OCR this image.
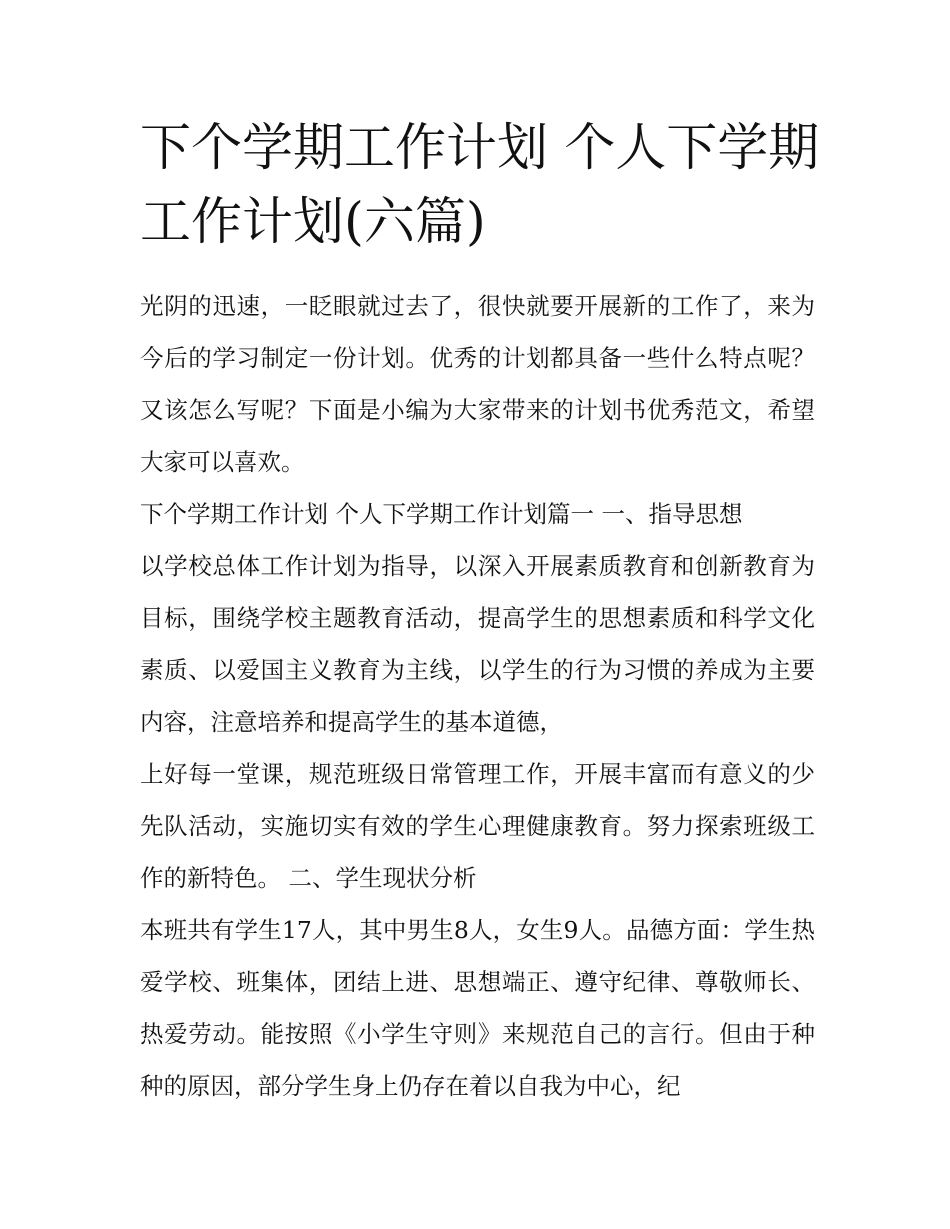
下个学期工作计划 个人下学期工作计划(六篇)

光阴的迅速，一眨眼就过去了，很快就要开展新的工作了，来为今后的学习制定一份计划。优秀的计划都具备一些什么特点呢？又该怎么写呢？下面是小编为大家带来的计划书优秀范文，希望大家可以喜欢。

下个学期工作计划 个人下学期工作计划篇一 一、指导思想

以学校总体工作计划为指导，以深入开展素质教育和创新教育为目标，围绕学校主题教育活动，提高学生的思想素质和科学文化素质、以爱国主义教育为主线，以学生的行为习惯的养成为主要内容，注意培养和提高学生的基本道德，

上好每一堂课，规范班级日常管理工作，开展丰富而有意义的少先队活动，实施切实有效的学生心理健康教育。努力探索班级工作的新特色。 二、学生现状分析

本班共有学生17人，其中男生8人，女生9人。品德方面：学生热爱学校、班集体，团结上进、思想端正、遵守纪律、尊敬师长、热爱劳动。能按照《小学生守则》来规范自己的言行。但由于种种的原因，部分学生身上仍存在着以自我为中心，纪
